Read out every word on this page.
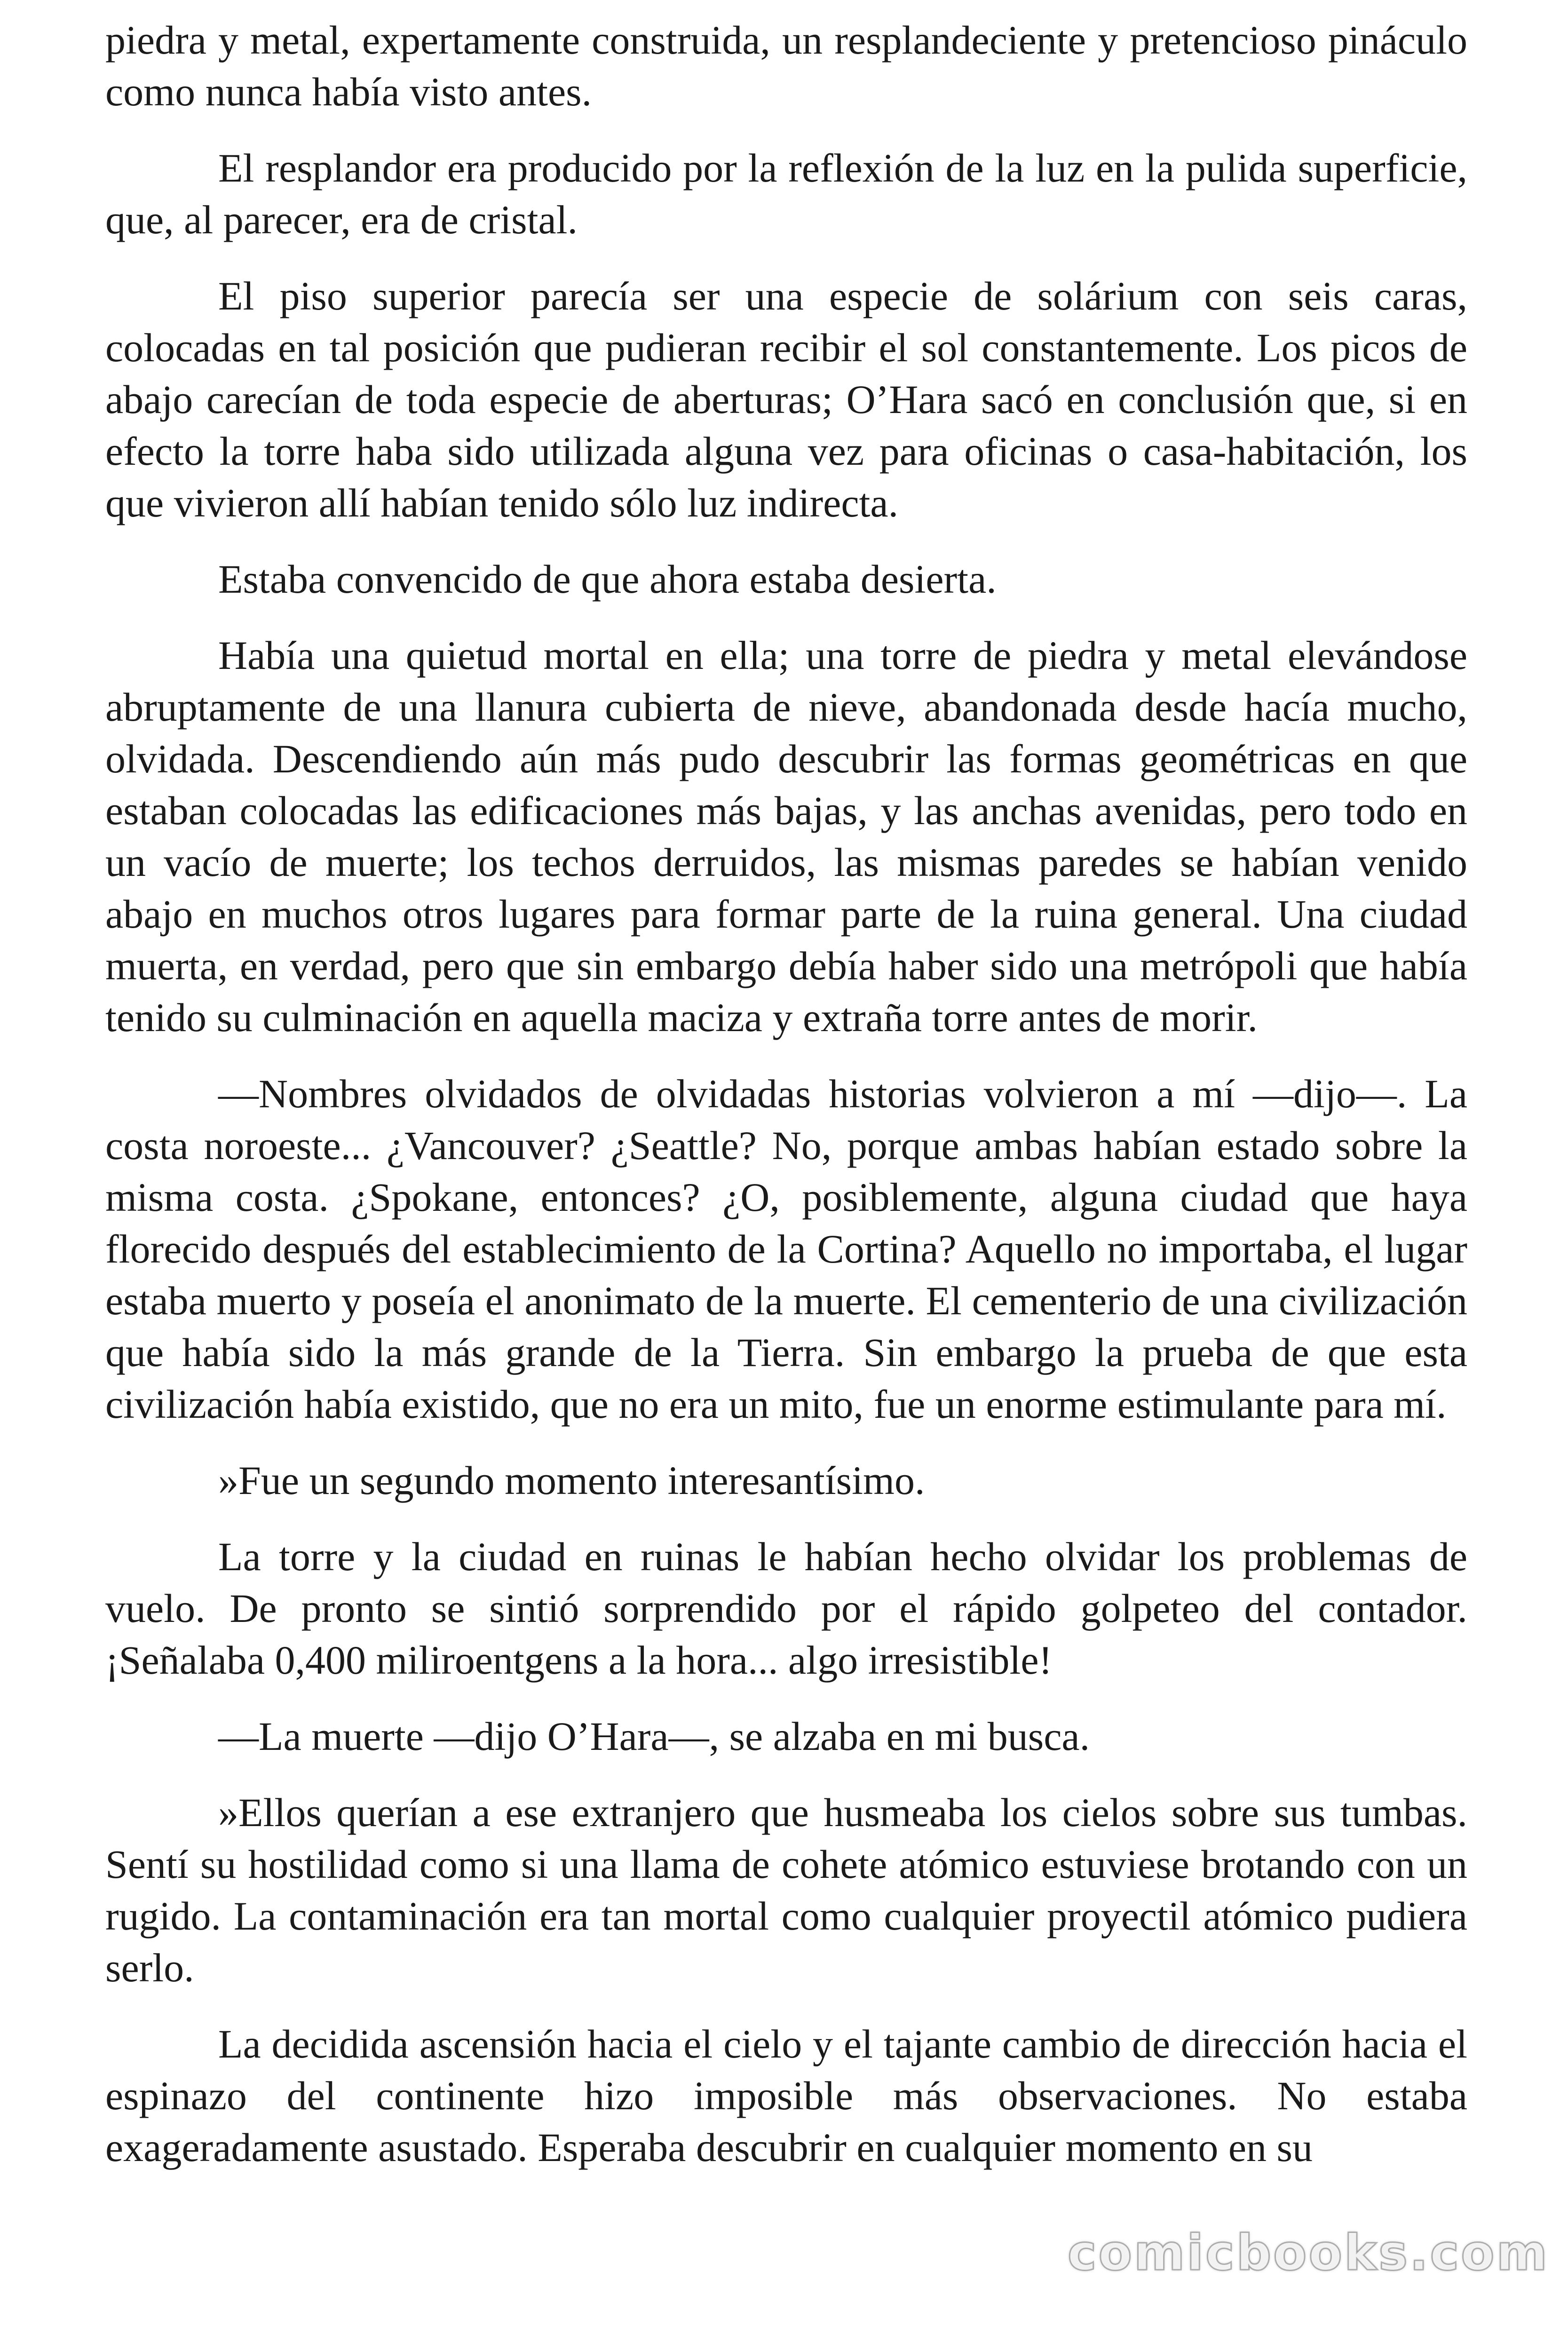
piedra y metal, expertamente construida, un resplandeciente y pretencioso pináculo como nunca había visto antes.

El resplandor era producido por la reflexión de la luz en la pulida superficie, que, al parecer, era de cristal.

El piso superior parecía ser una especie de solárium con seis caras, colocadas en tal posición que pudieran recibir el sol constantemente. Los picos de abajo carecían de toda especie de aberturas; O’Hara sacó en conclusión que, si en efecto la torre haba sido utilizada alguna vez para oficinas o casa-habitación, los que vivieron allí habían tenido sólo luz indirecta.

Estaba convencido de que ahora estaba desierta.

Había una quietud mortal en ella; una torre de piedra y metal elevándose abruptamente de una llanura cubierta de nieve, abandonada desde hacía mucho, olvidada. Descendiendo aún más pudo descubrir las formas geométricas en que estaban colocadas las edificaciones más bajas, y las anchas avenidas, pero todo en un vacío de muerte; los techos derruidos, las mismas paredes se habían venido abajo en muchos otros lugares para formar parte de la ruina general. Una ciudad muerta, en verdad, pero que sin embargo debía haber sido una metrópoli que había tenido su culminación en aquella maciza y extraña torre antes de morir.

—Nombres olvidados de olvidadas historias volvieron a mí —dijo—. La costa noroeste... ¿Vancouver? ¿Seattle? No, porque ambas habían estado sobre la misma costa. ¿Spokane, entonces? ¿O, posiblemente, alguna ciudad que haya florecido después del establecimiento de la Cortina? Aquello no importaba, el lugar estaba muerto y poseía el anonimato de la muerte. El cementerio de una civilización que había sido la más grande de la Tierra. Sin embargo la prueba de que esta civilización había existido, que no era un mito, fue un enorme estimulante para mí.

»Fue un segundo momento interesantísimo.

La torre y la ciudad en ruinas le habían hecho olvidar los problemas de vuelo. De pronto se sintió sorprendido por el rápido golpeteo del contador. ¡Señalaba 0,400 miliroentgens a la hora... algo irresistible!

—La muerte —dijo O’Hara—, se alzaba en mi busca.

»Ellos querían a ese extranjero que husmeaba los cielos sobre sus tumbas. Sentí su hostilidad como si una llama de cohete atómico estuviese brotando con un rugido. La contaminación era tan mortal como cualquier proyectil atómico pudiera serlo.

La decidida ascensión hacia el cielo y el tajante cambio de dirección hacia el espinazo del continente hizo imposible más observaciones. No estaba exageradamente asustado. Esperaba descubrir en cualquier momento en su

comicbooks.com
